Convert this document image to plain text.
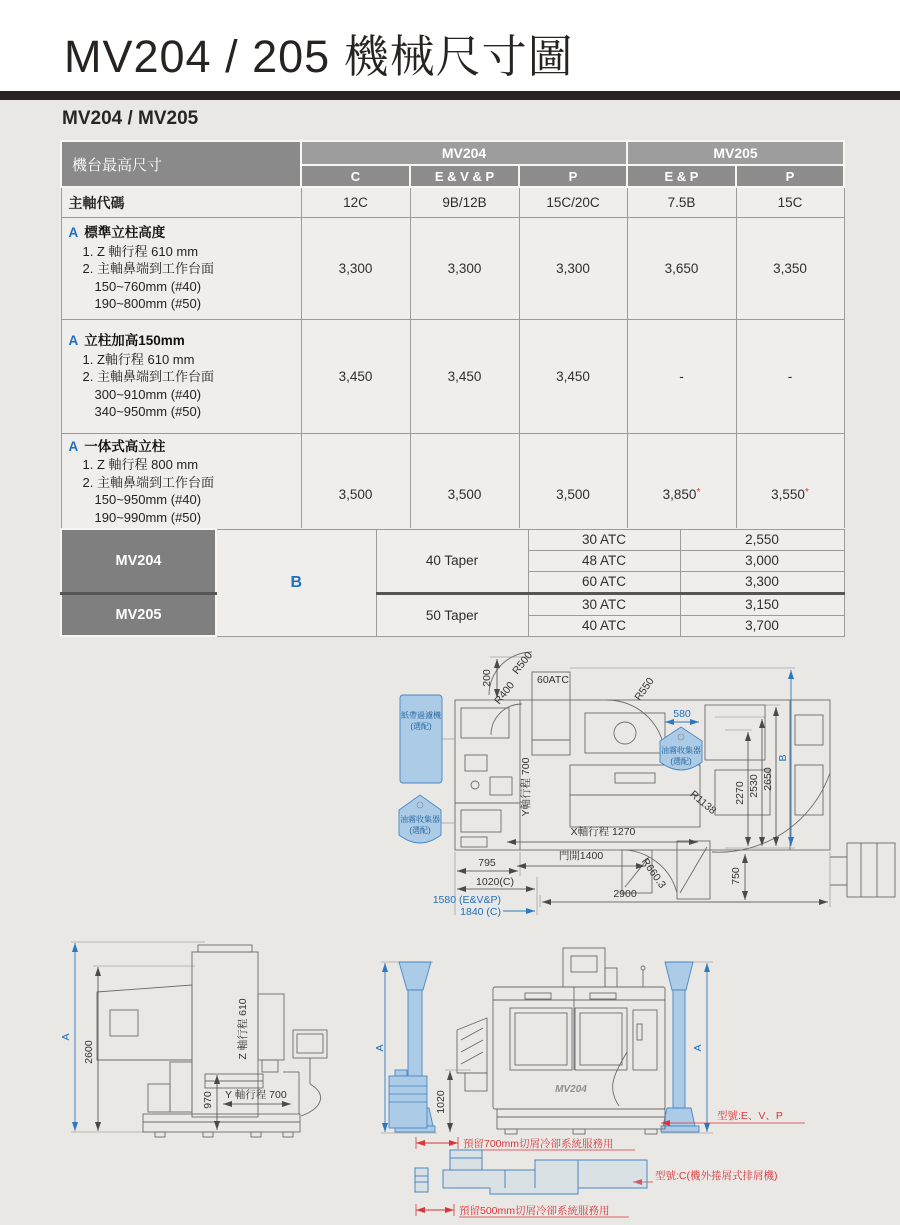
MV204 / 205 機械尺寸圖
MV204 / MV205
機台最高尺寸	MV204			MV205	
	C	E & V & P	P	E & P	P
主軸代碼	12C	9B/12B	15C/20C	7.5B	15C

A 標準立柱高度
1. Z 軸行程 610 mm
2. 主軸鼻端到工作台面
150~760mm (#40)
190~800mm (#50)	3,300	3,300	3,300	3,650	3,350

A 立柱加高150mm
1. Z軸行程 610 mm
2. 主軸鼻端到工作台面
300~910mm (#40)
340~950mm (#50)	3,450	3,450	3,450	-	-

A 一体式高立柱
1. Z 軸行程 800 mm
2. 主軸鼻端到工作台面
150~950mm (#40)
190~990mm (#50)
	3,500	3,500	3,500	3,850*	3,550*
MV204	B	40 Taper	30 ATC	2,550
			48 ATC	3,000
			60 ATC	3,300
MV205		50 Taper	30 ATC	3,150
			40 ATC	3,700
200
R500
60ATC
R400	R550
580
紙帶過濾機
(選配)
油霧收集器
(選配)
油霧收集器
(選配)
2270 2530 2650
B
R1138
Y軸行程 700
X軸行程 1270
門開1400
795
1020(C)
1580 (E&V&P)
1840 (C)
2900
R660.3	750
A
2600	Z 軸行程 610
970 Y 軸行程 700	MV204
A	A
1020
型號:E、V、P
預留700mm切屑冷卻系統服務用
型號:C(機外捲屑式排屑機)
預留500mm切屑冷卻系統服務用
